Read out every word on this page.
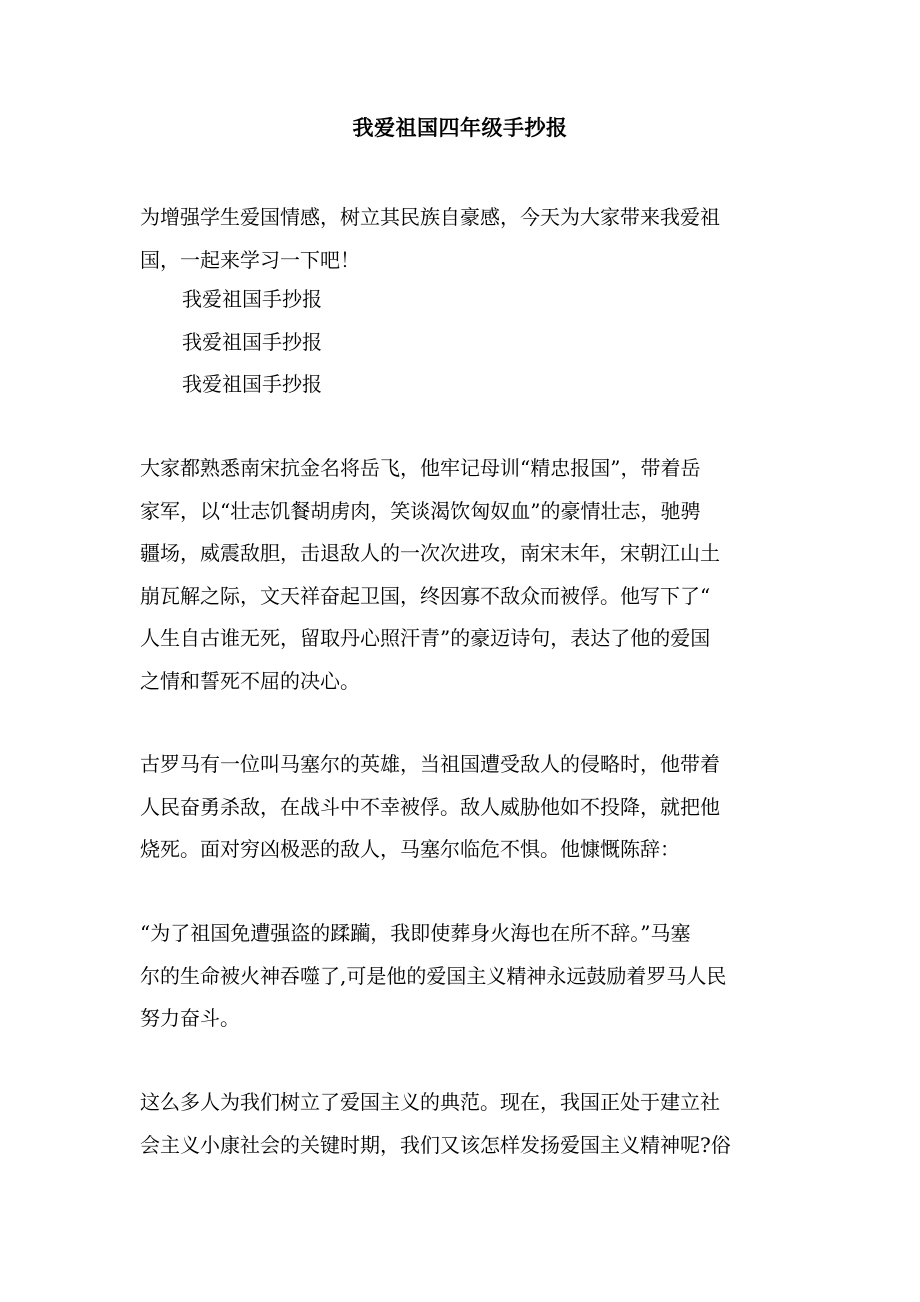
我爱祖国四年级手抄报

为增强学生爱国情感，树立其民族自豪感，今天为大家带来我爱祖
国，一起来学习一下吧！

我爱祖国手抄报

我爱祖国手抄报

我爱祖国手抄报

大家都熟悉南宋抗金名将岳飞，他牢记母训“精忠报国”，带着岳
家军，以“壮志饥餐胡虏肉，笑谈渴饮匈奴血”的豪情壮志，驰骋
疆场，威震敌胆，击退敌人的一次次进攻，南宋末年，宋朝江山土
崩瓦解之际，文天祥奋起卫国，终因寡不敌众而被俘。他写下了“
人生自古谁无死，留取丹心照汗青”的豪迈诗句，表达了他的爱国
之情和誓死不屈的决心。

古罗马有一位叫马塞尔的英雄，当祖国遭受敌人的侵略时，他带着
人民奋勇杀敌，在战斗中不幸被俘。敌人威胁他如不投降，就把他
烧死。面对穷凶极恶的敌人，马塞尔临危不惧。他慷慨陈辞：

“为了祖国免遭强盗的蹂躏，我即使葬身火海也在所不辞。”马塞
尔的生命被火神吞噬了,可是他的爱国主义精神永远鼓励着罗马人民
努力奋斗。

这么多人为我们树立了爱国主义的典范。现在，我国正处于建立社
会主义小康社会的关键时期，我们又该怎样发扬爱国主义精神呢?俗
